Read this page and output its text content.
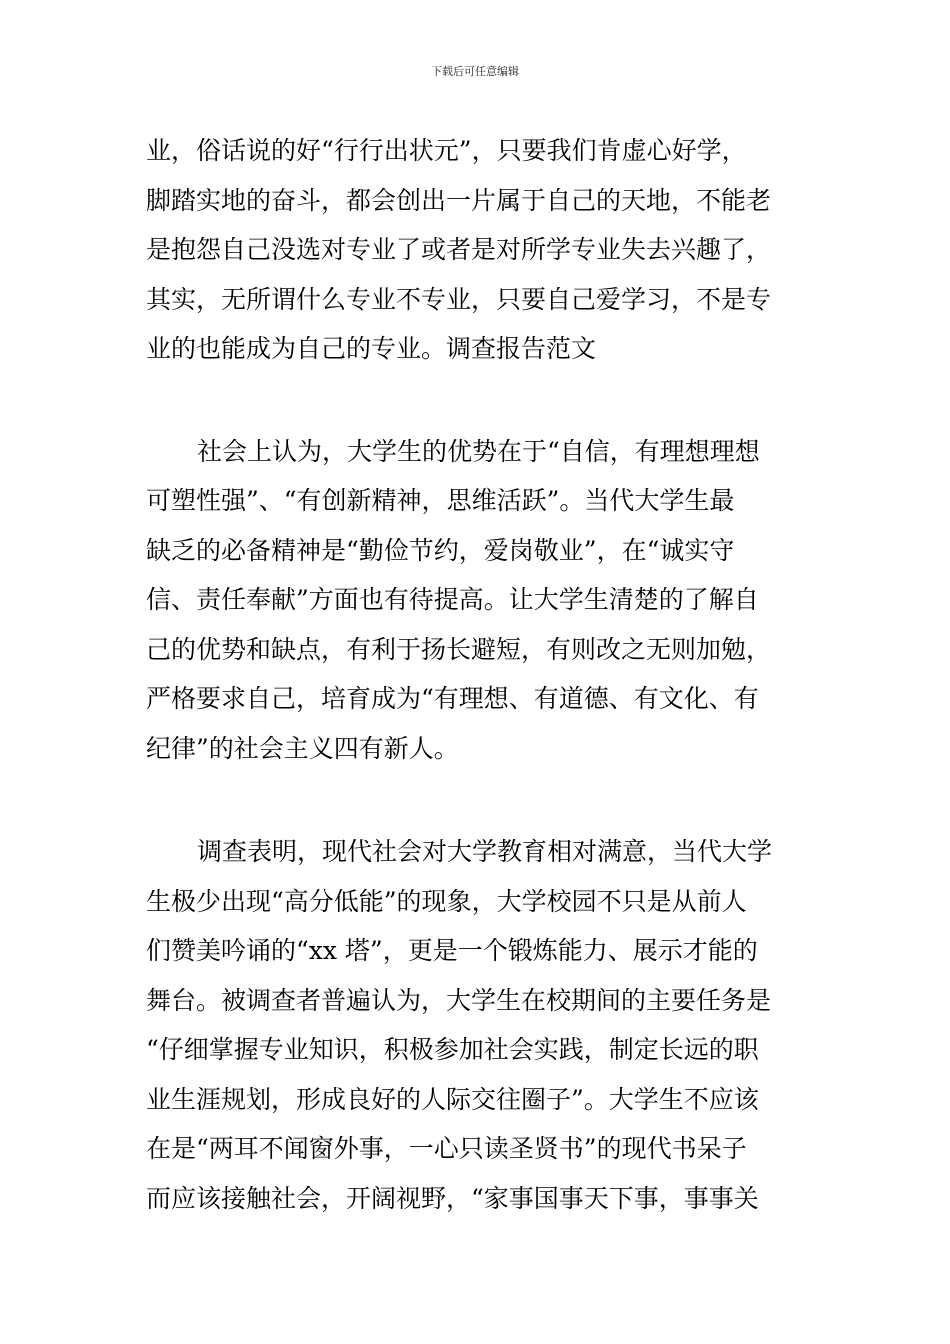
下载后可任意编辑

业，俗话说的好“行行出状元”，只要我们肯虚心好学，

脚踏实地的奋斗，都会创出一片属于自己的天地，不能老

是抱怨自己没选对专业了或者是对所学专业失去兴趣了，

其实，无所谓什么专业不专业，只要自己爱学习，不是专

业的也能成为自己的专业。调查报告范文

社会上认为，大学生的优势在于“自信，有理想理想

可塑性强”、“有创新精神，思维活跃”。当代大学生最

缺乏的必备精神是“勤俭节约，爱岗敬业”，在“诚实守

信、责任奉献”方面也有待提高。让大学生清楚的了解自

己的优势和缺点，有利于扬长避短，有则改之无则加勉，

严格要求自己，培育成为“有理想、有道德、有文化、有

纪律”的社会主义四有新人。

调查表明，现代社会对大学教育相对满意，当代大学

生极少出现“高分低能”的现象，大学校园不只是从前人

们赞美吟诵的“xx 塔”，更是一个锻炼能力、展示才能的

舞台。被调查者普遍认为，大学生在校期间的主要任务是

“仔细掌握专业知识，积极参加社会实践，制定长远的职

业生涯规划，形成良好的人际交往圈子”。大学生不应该

在是“两耳不闻窗外事，一心只读圣贤书”的现代书呆子

而应该接触社会，开阔视野，“家事国事天下事，事事关
